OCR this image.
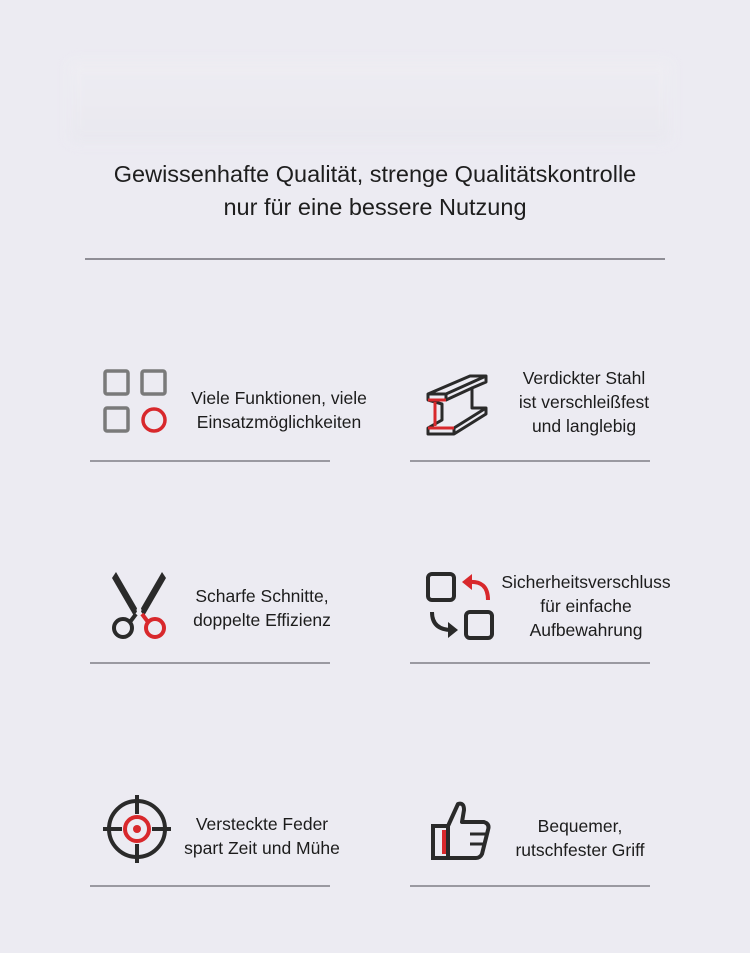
Gewissenhafte Qualität, strenge Qualitätskontrolle
nur für eine bessere Nutzung
Viele Funktionen, viele
Einsatzmöglichkeiten
Verdickter Stahl
ist verschleißfest
und langlebig
Scharfe Schnitte,
doppelte Effizienz
Sicherheitsverschluss
für einfache
Aufbewahrung
Versteckte Feder
spart Zeit und Mühe
Bequemer,
rutschfester Griff
